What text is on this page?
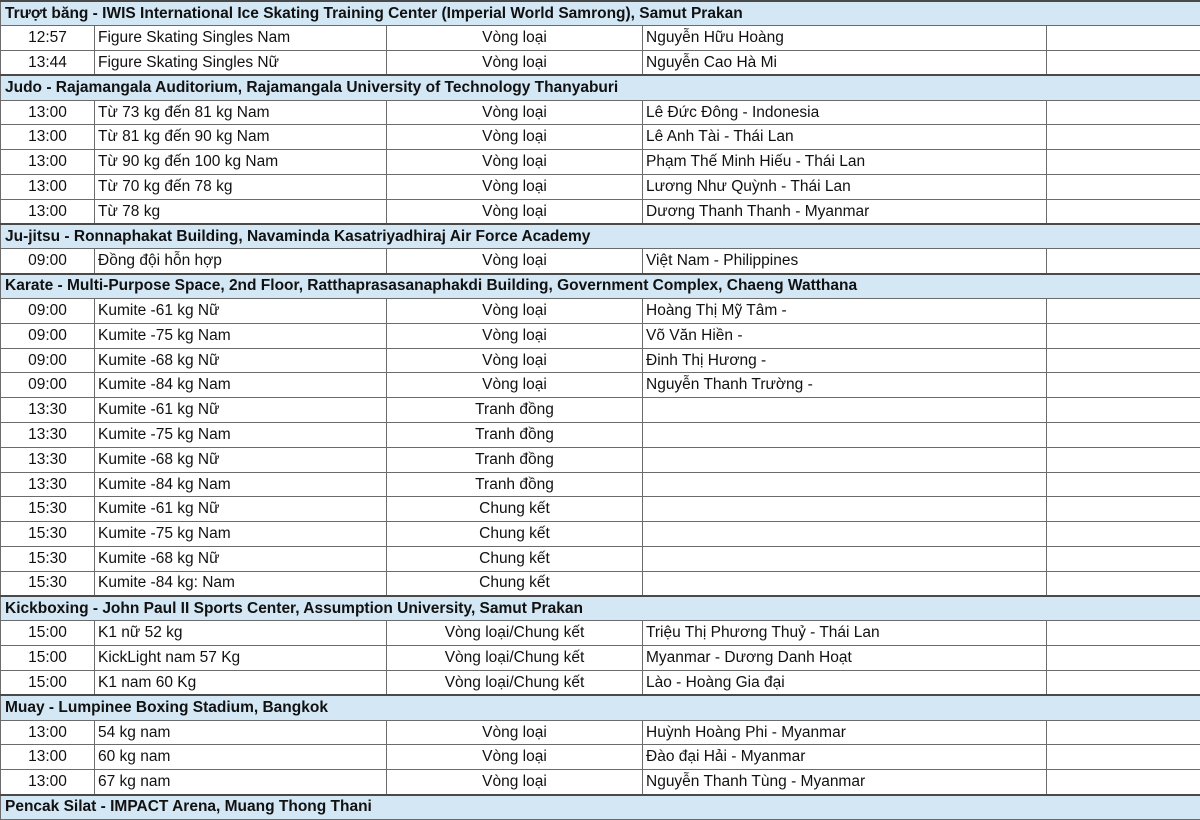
Trượt băng - IWIS International Ice Skating Training Center (Imperial World Samrong), Samut Prakan				
12:57	Figure Skating Singles Nam	Vòng loại	Nguyễn Hữu Hoàng	
13:44	Figure Skating Singles Nữ	Vòng loại	Nguyễn Cao Hà Mi	
Judo - Rajamangala Auditorium, Rajamangala University of Technology Thanyaburi				
13:00	Từ 73 kg đến 81 kg Nam	Vòng loại	Lê Đức Đông - Indonesia	
13:00	Từ 81 kg đến 90 kg Nam	Vòng loại	Lê Anh Tài - Thái Lan	
13:00	Từ 90 kg đến 100 kg Nam	Vòng loại	Phạm Thế Minh Hiếu - Thái Lan	
13:00	Từ 70 kg đến 78 kg	Vòng loại	Lương Như Quỳnh - Thái Lan	
13:00	Từ 78 kg	Vòng loại	Dương Thanh Thanh - Myanmar	
Ju-jitsu - Ronnaphakat Building, Navaminda Kasatriyadhiraj Air Force Academy				
09:00	Đồng đội hỗn hợp	Vòng loại	Việt Nam - Philippines	
Karate - Multi-Purpose Space, 2nd Floor, Ratthaprasasanaphakdi Building, Government Complex, Chaeng Watthana				
09:00	Kumite -61 kg Nữ	Vòng loại	Hoàng Thị Mỹ Tâm -	
09:00	Kumite -75 kg Nam	Vòng loại	Võ Văn Hiền -	
09:00	Kumite -68 kg Nữ	Vòng loại	Đinh Thị Hương -	
09:00	Kumite -84 kg Nam	Vòng loại	Nguyễn Thanh Trường -	
13:30	Kumite -61 kg Nữ	Tranh đồng		
13:30	Kumite -75 kg Nam	Tranh đồng		
13:30	Kumite -68 kg Nữ	Tranh đồng		
13:30	Kumite -84 kg Nam	Tranh đồng		
15:30	Kumite -61 kg Nữ	Chung kết		
15:30	Kumite -75 kg Nam	Chung kết		
15:30	Kumite -68 kg Nữ	Chung kết		
15:30	Kumite -84 kg: Nam	Chung kết		
Kickboxing - John Paul II Sports Center, Assumption University, Samut Prakan				
15:00	K1 nữ 52 kg	Vòng loại/Chung kết	Triệu Thị Phương Thuỷ - Thái Lan	
15:00	KickLight nam 57 Kg	Vòng loại/Chung kết	Myanmar - Dương Danh Hoạt	
15:00	K1 nam 60 Kg	Vòng loại/Chung kết	Lào - Hoàng Gia đại	
Muay - Lumpinee Boxing Stadium, Bangkok				
13:00	54 kg nam	Vòng loại	Huỳnh Hoàng Phi - Myanmar	
13:00	60 kg nam	Vòng loại	Đào đại Hải - Myanmar	
13:00	67 kg nam	Vòng loại	Nguyễn Thanh Tùng - Myanmar	
Pencak Silat - IMPACT Arena, Muang Thong Thani				
